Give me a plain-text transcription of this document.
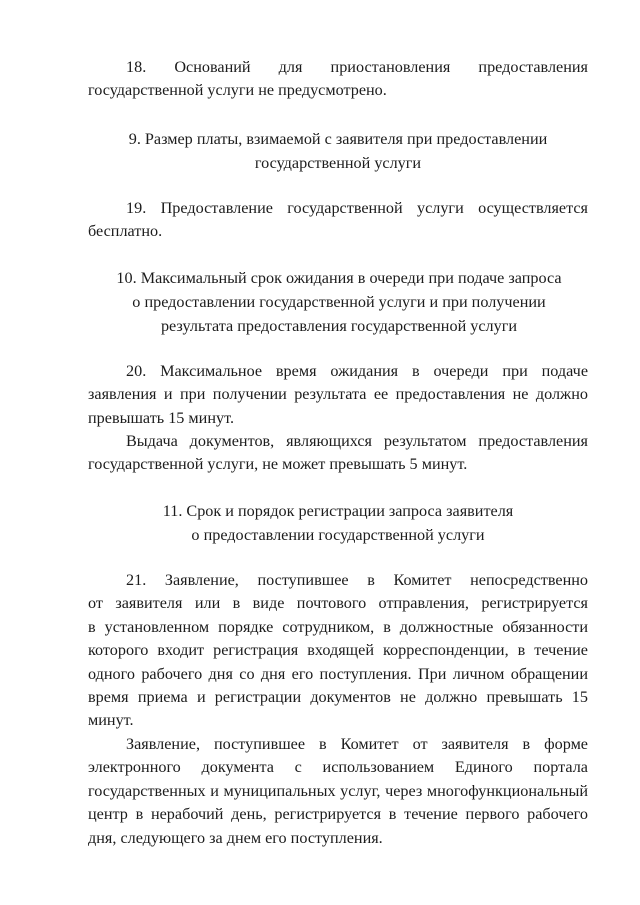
18. Оснований для приостановления предоставления
государственной услуги не предусмотрено.
9. Размер платы, взимаемой с заявителя при предоставлении
государственной услуги
19. Предоставление государственной услуги осуществляется
бесплатно.
10. Максимальный срок ожидания в очереди при подаче запроса
о предоставлении государственной услуги и при получении
результата предоставления государственной услуги
20. Максимальное время ожидания в очереди при подаче
заявления и при получении результата ее предоставления не должно
превышать 15 минут.
Выдача документов, являющихся результатом предоставления
государственной услуги, не может превышать 5 минут.
11. Срок и порядок регистрации запроса заявителя
о предоставлении государственной услуги
21. Заявление, поступившее в Комитет непосредственно
от заявителя или в виде почтового отправления, регистрируется
в установленном порядке сотрудником, в должностные обязанности
которого входит регистрация входящей корреспонденции, в течение
одного рабочего дня со дня его поступления. При личном обращении
время приема и регистрации документов не должно превышать 15
минут.
Заявление, поступившее в Комитет от заявителя в форме
электронного документа с использованием Единого портала
государственных и муниципальных услуг, через многофункциональный
центр в нерабочий день, регистрируется в течение первого рабочего
дня, следующего за днем его поступления.
